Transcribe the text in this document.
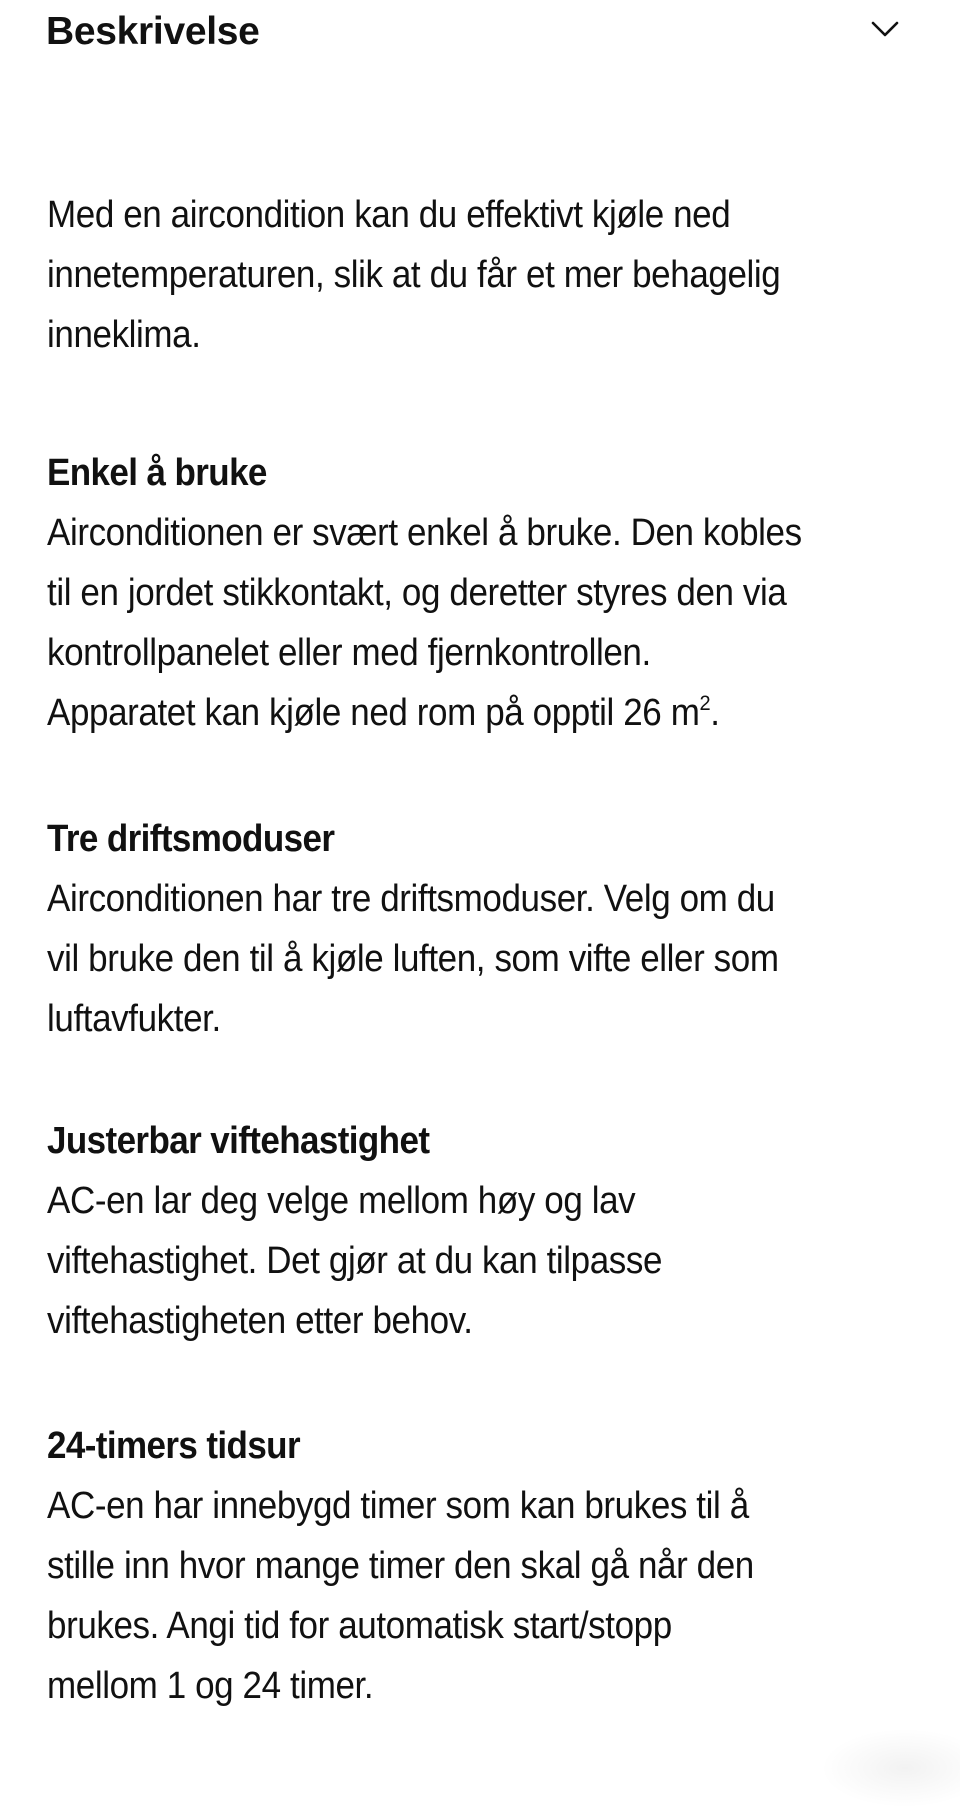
Beskrivelse
Med en aircondition kan du effektivt kjøle ned
innetemperaturen, slik at du får et mer behagelig
inneklima.
Enkel å bruke
Airconditionen er svært enkel å bruke. Den kobles
til en jordet stikkontakt, og deretter styres den via
kontrollpanelet eller med fjernkontrollen.
Apparatet kan kjøle ned rom på opptil 26 $m^2$.
Tre driftsmoduser
Airconditionen har tre driftsmoduser. Velg om du
vil bruke den til å kjøle luften, som vifte eller som
luftavfukter.
Justerbar viftehastighet
AC-en lar deg velge mellom høy og lav
viftehastighet. Det gjør at du kan tilpasse
viftehastigheten etter behov.
24-timers tidsur
AC-en har innebygd timer som kan brukes til å
stille inn hvor mange timer den skal gå når den
brukes. Angi tid for automatisk start/stopp
mellom 1 og 24 timer.
